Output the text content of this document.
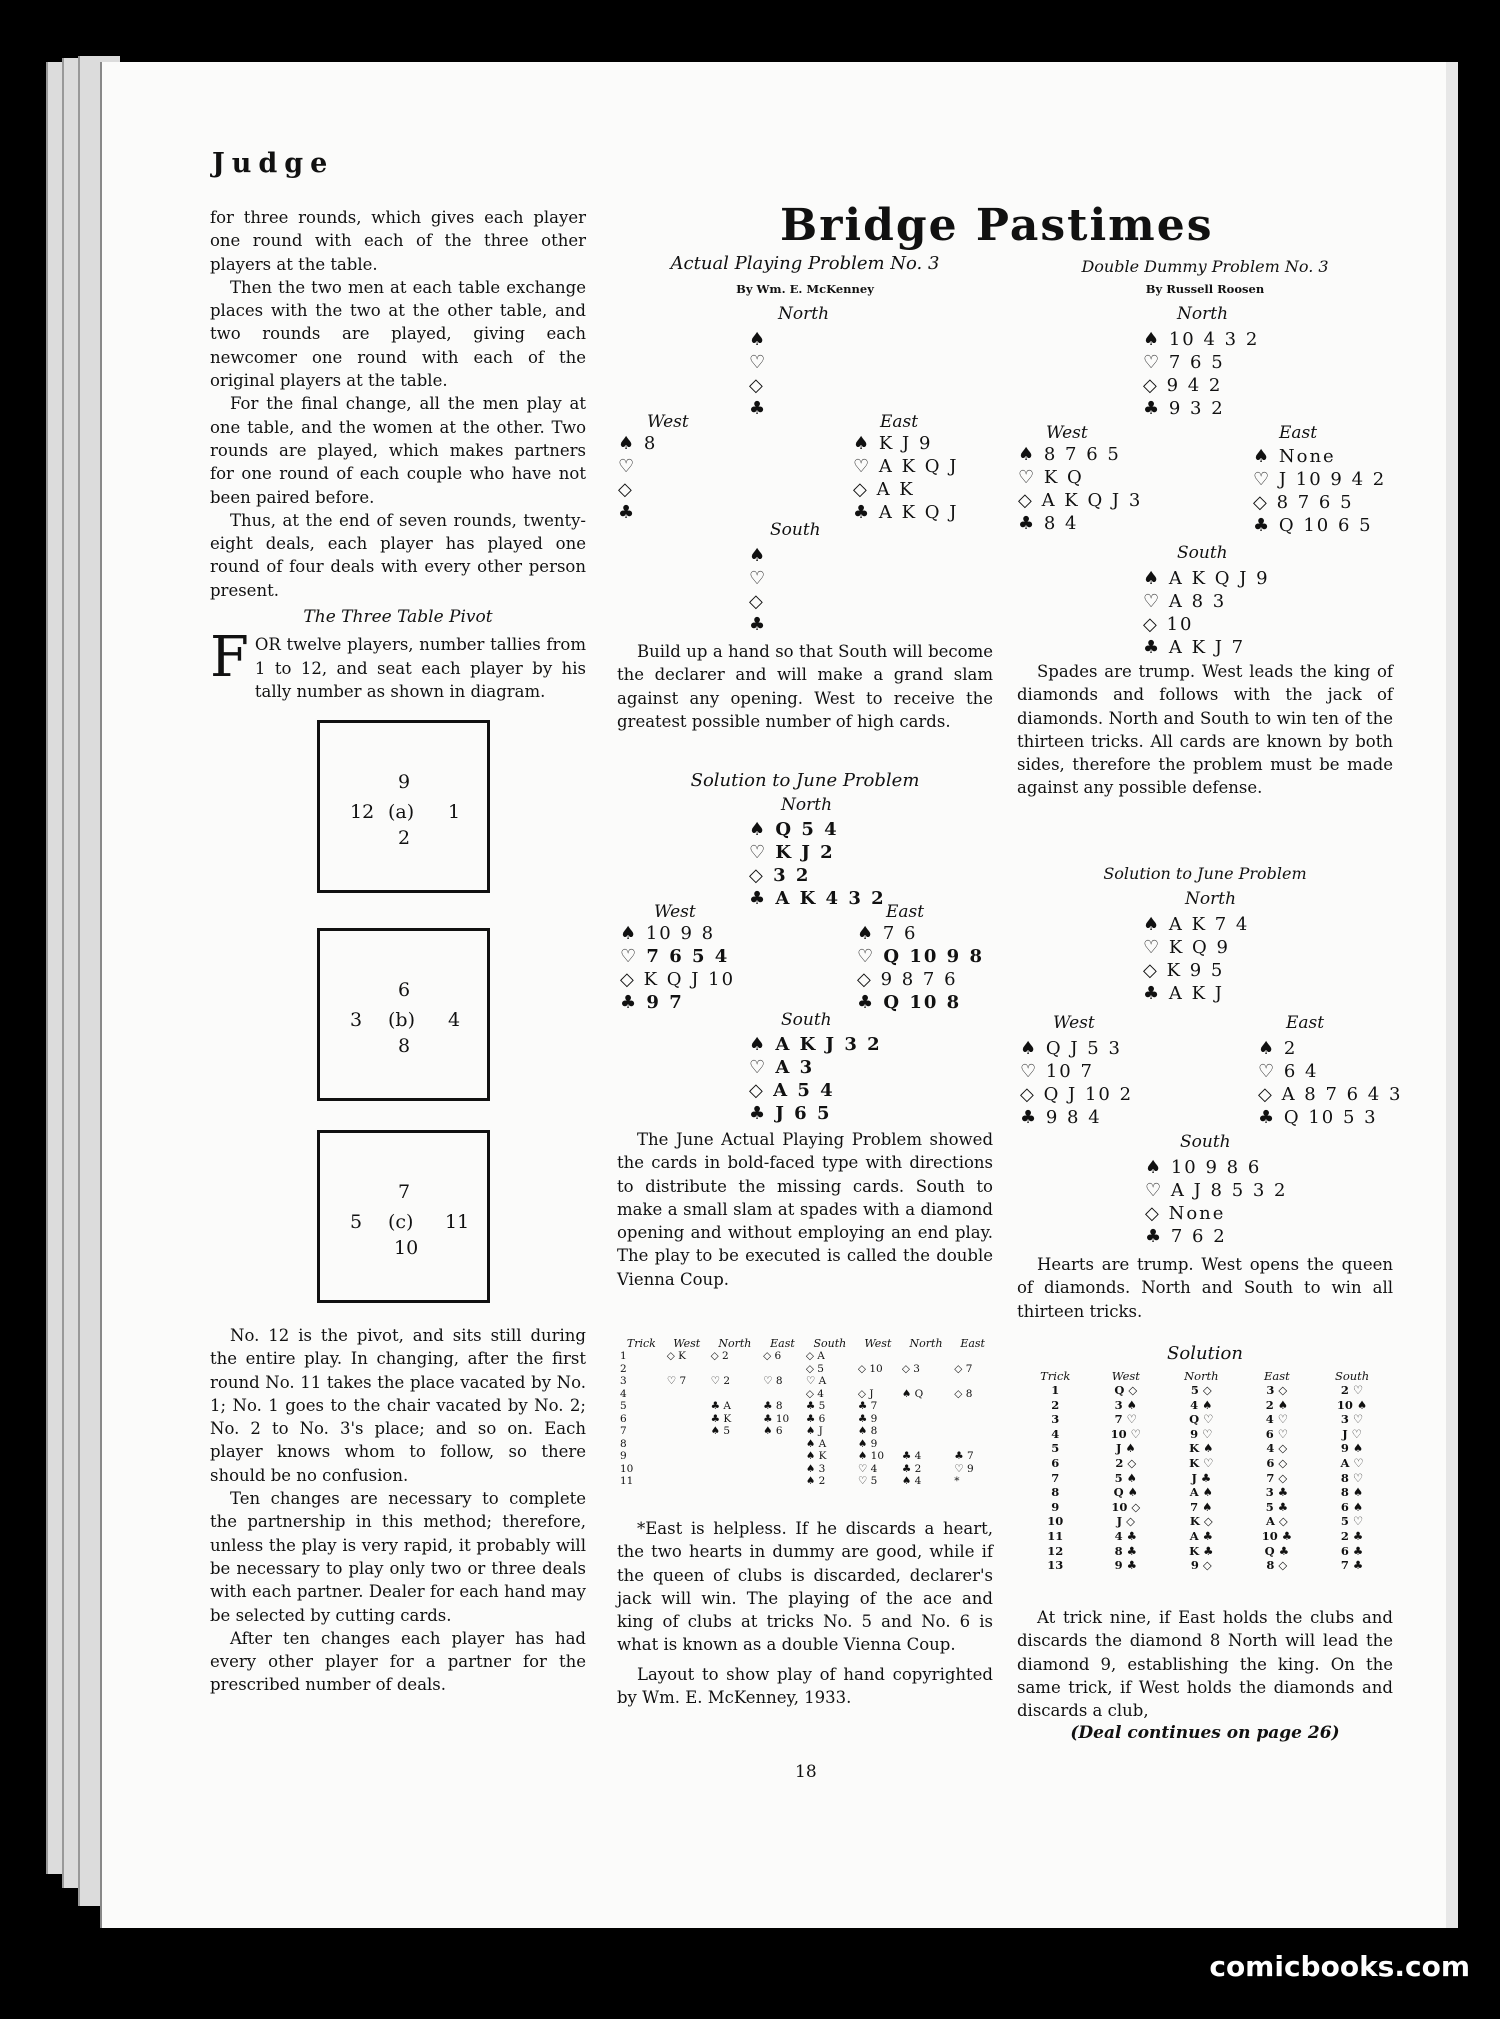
Judge

for three rounds, which gives each player one round with each of the three other players at the table.

Then the two men at each table exchange places with the two at the other table, and two rounds are played, giving each newcomer one round with each of the original players at the table.

For the final change, all the men play at one table, and the women at the other. Two rounds are played, which makes partners for one round of each couple who have not been paired before.

Thus, at the end of seven rounds, twenty-eight deals, each player has played one round of four deals with every other person present.

The Three Table Pivot

FOR twelve players, number tallies from 1 to 12, and seat each player by his tally number as shown in diagram.

9
12 (a) 1
2
6
3 (b) 4
8
7
5 (c) 11
10

No. 12 is the pivot, and sits still during the entire play. In changing, after the first round No. 11 takes the place vacated by No. 1; No. 1 goes to the chair vacated by No. 2; No. 2 to No. 3's place; and so on. Each player knows whom to follow, so there should be no confusion.

Ten changes are necessary to complete the partnership in this method; therefore, unless the play is very rapid, it probably will be necessary to play only two or three deals with each partner. Dealer for each hand may be selected by cutting cards.

After ten changes each player has had every other player for a partner for the prescribed number of deals.

Bridge Pastimes
Actual Playing Problem No. 3
By Wm. E. McKenney
North
♠
♡
◇
♣
West
♠ 8
♡
◇
♣
East
♠ K J 9
♡ A K Q J
◇ A K
♣ A K Q J
South
♠
♡
◇
♣

Build up a hand so that South will become the declarer and will make a grand slam against any opening. West to receive the greatest possible number of high cards.

Solution to June Problem
North
♠ Q 5 4
♡ K J 2
◇ 3 2
♣ A K 4 3 2
West
♠ 10 9 8
♡ 7 6 5 4
◇ K Q J 10
♣ 9 7
East
♠ 7 6
♡ Q 10 9 8
◇ 9 8 7 6
♣ Q 10 8
South
♠ A K J 3 2
♡ A 3
◇ A 5 4
♣ J 6 5

The June Actual Playing Problem showed the cards in bold-faced type with directions to distribute the missing cards. South to make a small slam at spades with a diamond opening and without employing an end play. The play to be executed is called the double Vienna Coup.

Trick	West	North	East	South	West	North	East
1	◇ K	◇ 2	◇ 6	◇ A			
2				◇ 5	◇ 10	◇ 3	◇ 7
3	♡ 7	♡ 2	♡ 8	♡ A			
4				◇ 4	◇ J	♠ Q	◇ 8
5		♣ A	♣ 8	♣ 5	♣ 7		
6		♣ K	♣ 10	♣ 6	♣ 9		
7		♠ 5	♠ 6	♠ J	♠ 8		
8				♠ A	♠ 9		
9				♠ K	♠ 10	♣ 4	♣ 7
10				♠ 3	♡ 4	♣ 2	♡ 9
11				♠ 2	♡ 5	♠ 4	*

*East is helpless. If he discards a heart, the two hearts in dummy are good, while if the queen of clubs is discarded, declarer's jack will win. The playing of the ace and king of clubs at tricks No. 5 and No. 6 is what is known as a double Vienna Coup.

Layout to show play of hand copyrighted by Wm. E. McKenney, 1933.

Double Dummy Problem No. 3
By Russell Roosen
North
♠ 10 4 3 2
♡ 7 6 5
◇ 9 4 2
♣ 9 3 2
West
♠ 8 7 6 5
♡ K Q
◇ A K Q J 3
♣ 8 4
East
♠ None
♡ J 10 9 4 2
◇ 8 7 6 5
♣ Q 10 6 5
South
♠ A K Q J 9
♡ A 8 3
◇ 10
♣ A K J 7

Spades are trump. West leads the king of diamonds and follows with the jack of diamonds. North and South to win ten of the thirteen tricks. All cards are known by both sides, therefore the problem must be made against any possible defense.

Solution to June Problem
North
♠ A K 7 4
♡ K Q 9
◇ K 9 5
♣ A K J
West
♠ Q J 5 3
♡ 10 7
◇ Q J 10 2
♣ 9 8 4
East
♠ 2
♡ 6 4
◇ A 8 7 6 4 3
♣ Q 10 5 3
South
♠ 10 9 8 6
♡ A J 8 5 3 2
◇ None
♣ 7 6 2

Hearts are trump. West opens the queen of diamonds. North and South to win all thirteen tricks.

Solution
Trick	West	North	East	South
1	Q ◇	5 ◇	3 ◇	2 ♡
2	3 ♠	4 ♠	2 ♠	10 ♠
3	7 ♡	Q ♡	4 ♡	3 ♡
4	10 ♡	9 ♡	6 ♡	J ♡
5	J ♠	K ♠	4 ◇	9 ♠
6	2 ◇	K ♡	6 ◇	A ♡
7	5 ♠	J ♣	7 ◇	8 ♡
8	Q ♠	A ♠	3 ♣	8 ♠
9	10 ◇	7 ♠	5 ♣	6 ♠
10	J ◇	K ◇	A ◇	5 ♡
11	4 ♣	A ♣	10 ♣	2 ♣
12	8 ♣	K ♣	Q ♣	6 ♣
13	9 ♣	9 ◇	8 ◇	7 ♣

At trick nine, if East holds the clubs and discards the diamond 8 North will lead the diamond 9, establishing the king. On the same trick, if West holds the diamonds and discards a club,

(Deal continues on page 26)
18
comicbooks.com
